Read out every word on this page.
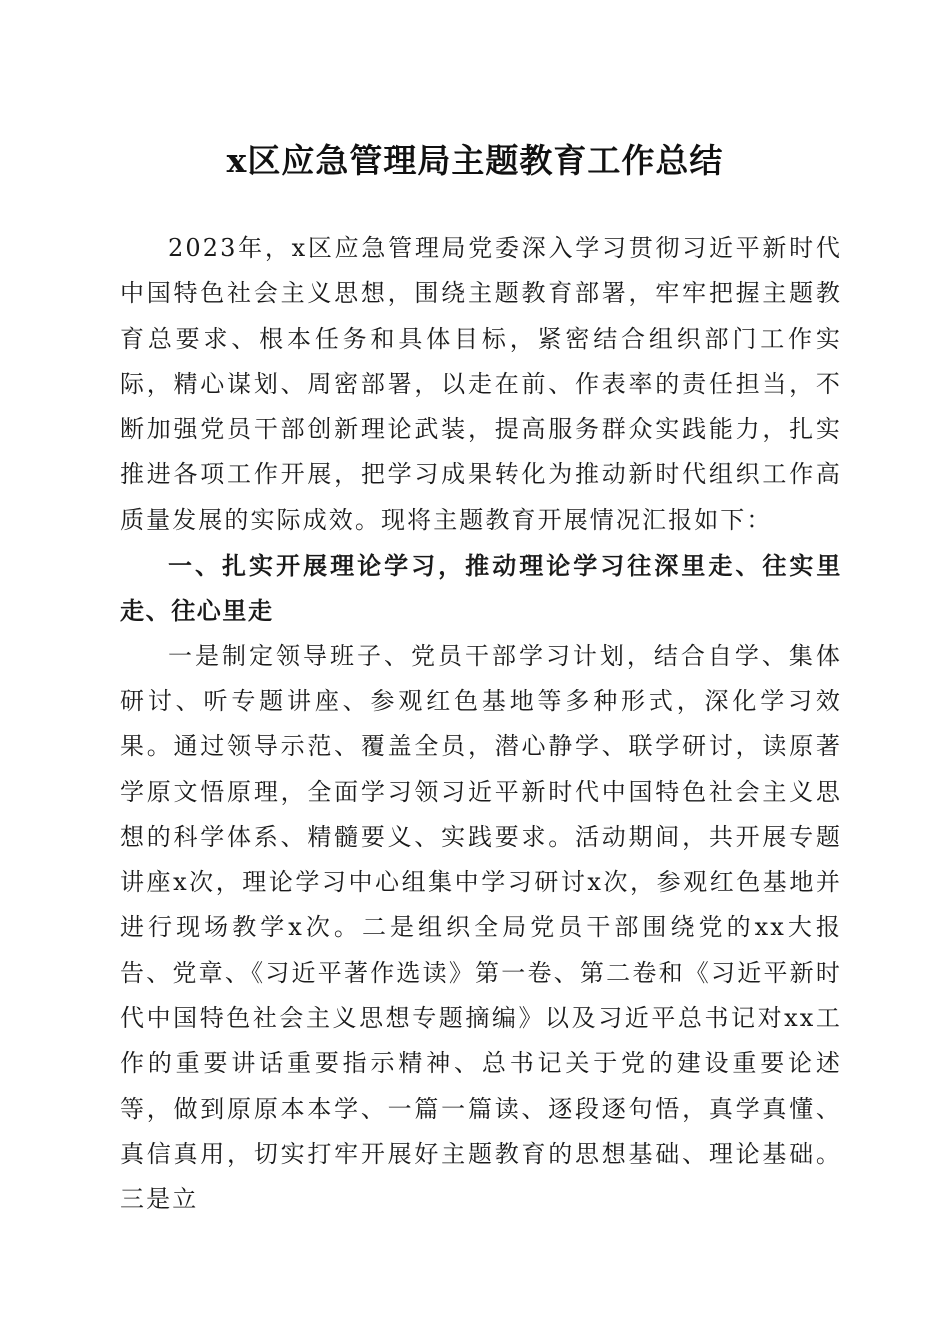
x区应急管理局主题教育工作总结

2023年，x区应急管理局党委深入学习贯彻习近平新时代中国特色社会主义思想，围绕主题教育部署，牢牢把握主题教育总要求、根本任务和具体目标，紧密结合组织部门工作实际，精心谋划、周密部署，以走在前、作表率的责任担当，不断加强党员干部创新理论武装，提高服务群众实践能力，扎实推进各项工作开展，把学习成果转化为推动新时代组织工作高质量发展的实际成效。现将主题教育开展情况汇报如下：

一、扎实开展理论学习，推动理论学习往深里走、往实里走、往心里走

一是制定领导班子、党员干部学习计划，结合自学、集体研讨、听专题讲座、参观红色基地等多种形式，深化学习效果。通过领导示范、覆盖全员，潜心静学、联学研讨，读原著学原文悟原理，全面学习领习近平新时代中国特色社会主义思想的科学体系、精髓要义、实践要求。活动期间，共开展专题讲座x次，理论学习中心组集中学习研讨x次，参观红色基地并进行现场教学x次。二是组织全局党员干部围绕党的xx大报告、党章、《习近平著作选读》第一卷、第二卷和《习近平新时代中国特色社会主义思想专题摘编》以及习近平总书记对xx工作的重要讲话重要指示精神、总书记关于党的建设重要论述等，做到原原本本学、一篇一篇读、逐段逐句悟，真学真懂、真信真用，切实打牢开展好主题教育的思想基础、理论基础。三是立
